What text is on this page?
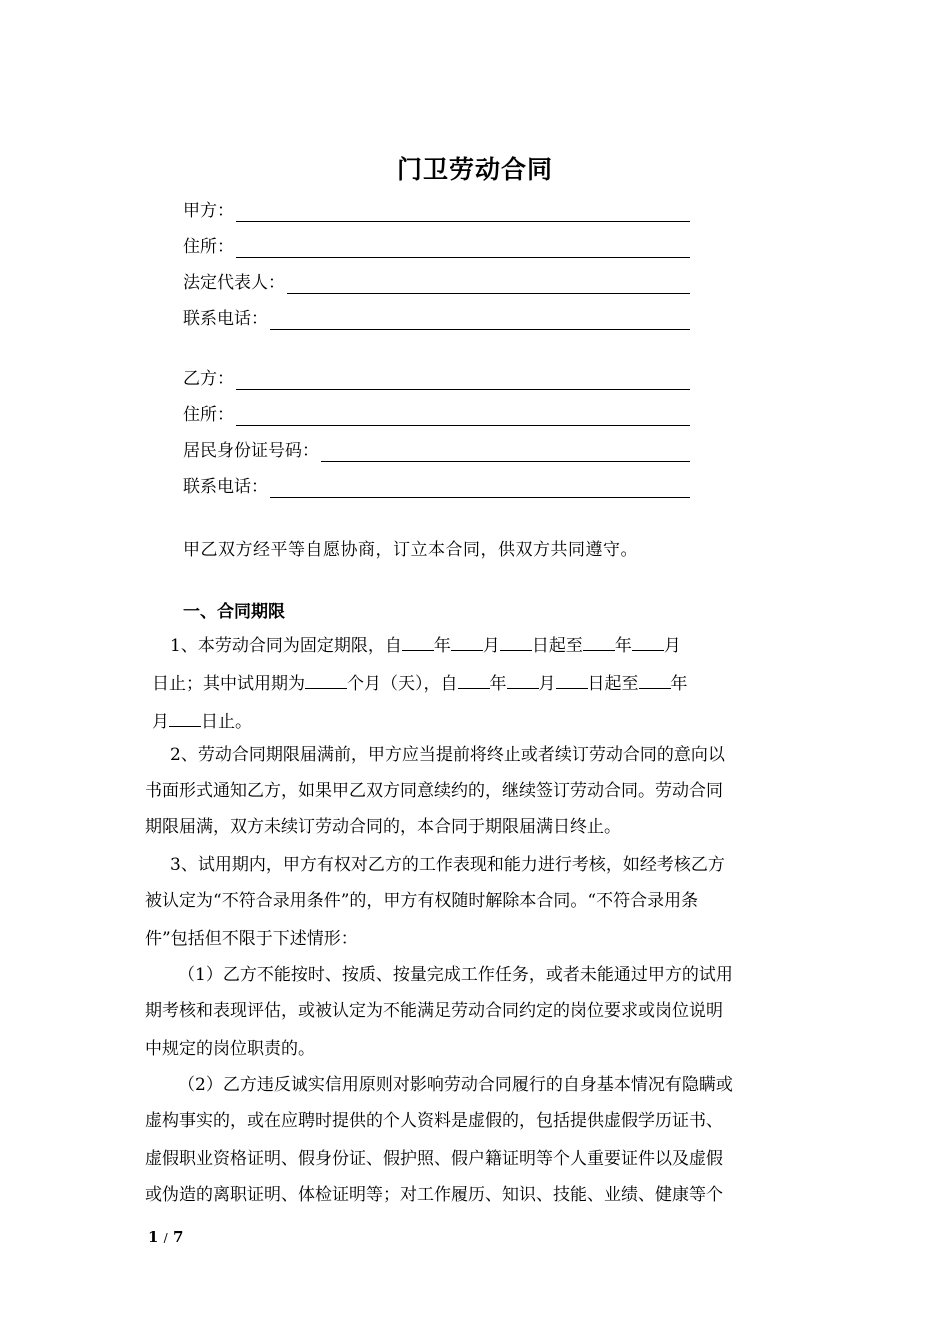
门卫劳动合同
甲方：
住所：
法定代表人：
联系电话：
乙方：
住所：
居民身份证号码：
联系电话：
甲乙双方经平等自愿协商，订立本合同，供双方共同遵守。
一、合同期限
1、本劳动合同为固定期限，自 年 月 日起至 年 月
日止；其中试用期为 个月（天），自 年 月 日起至 年
月 日止。
2、劳动合同期限届满前，甲方应当提前将终止或者续订劳动合同的意向以
书面形式通知乙方，如果甲乙双方同意续约的，继续签订劳动合同。劳动合同
期限届满，双方未续订劳动合同的，本合同于期限届满日终止。
3、试用期内，甲方有权对乙方的工作表现和能力进行考核，如经考核乙方
被认定为“不符合录用条件”的，甲方有权随时解除本合同。“不符合录用条
件”包括但不限于下述情形：
（1）乙方不能按时、按质、按量完成工作任务，或者未能通过甲方的试用
期考核和表现评估，或被认定为不能满足劳动合同约定的岗位要求或岗位说明
中规定的岗位职责的。
（2）乙方违反诚实信用原则对影响劳动合同履行的自身基本情况有隐瞒或
虚构事实的，或在应聘时提供的个人资料是虚假的，包括提供虚假学历证书、
虚假职业资格证明、假身份证、假护照、假户籍证明等个人重要证件以及虚假
或伪造的离职证明、体检证明等；对工作履历、知识、技能、业绩、健康等个
1 / 7
